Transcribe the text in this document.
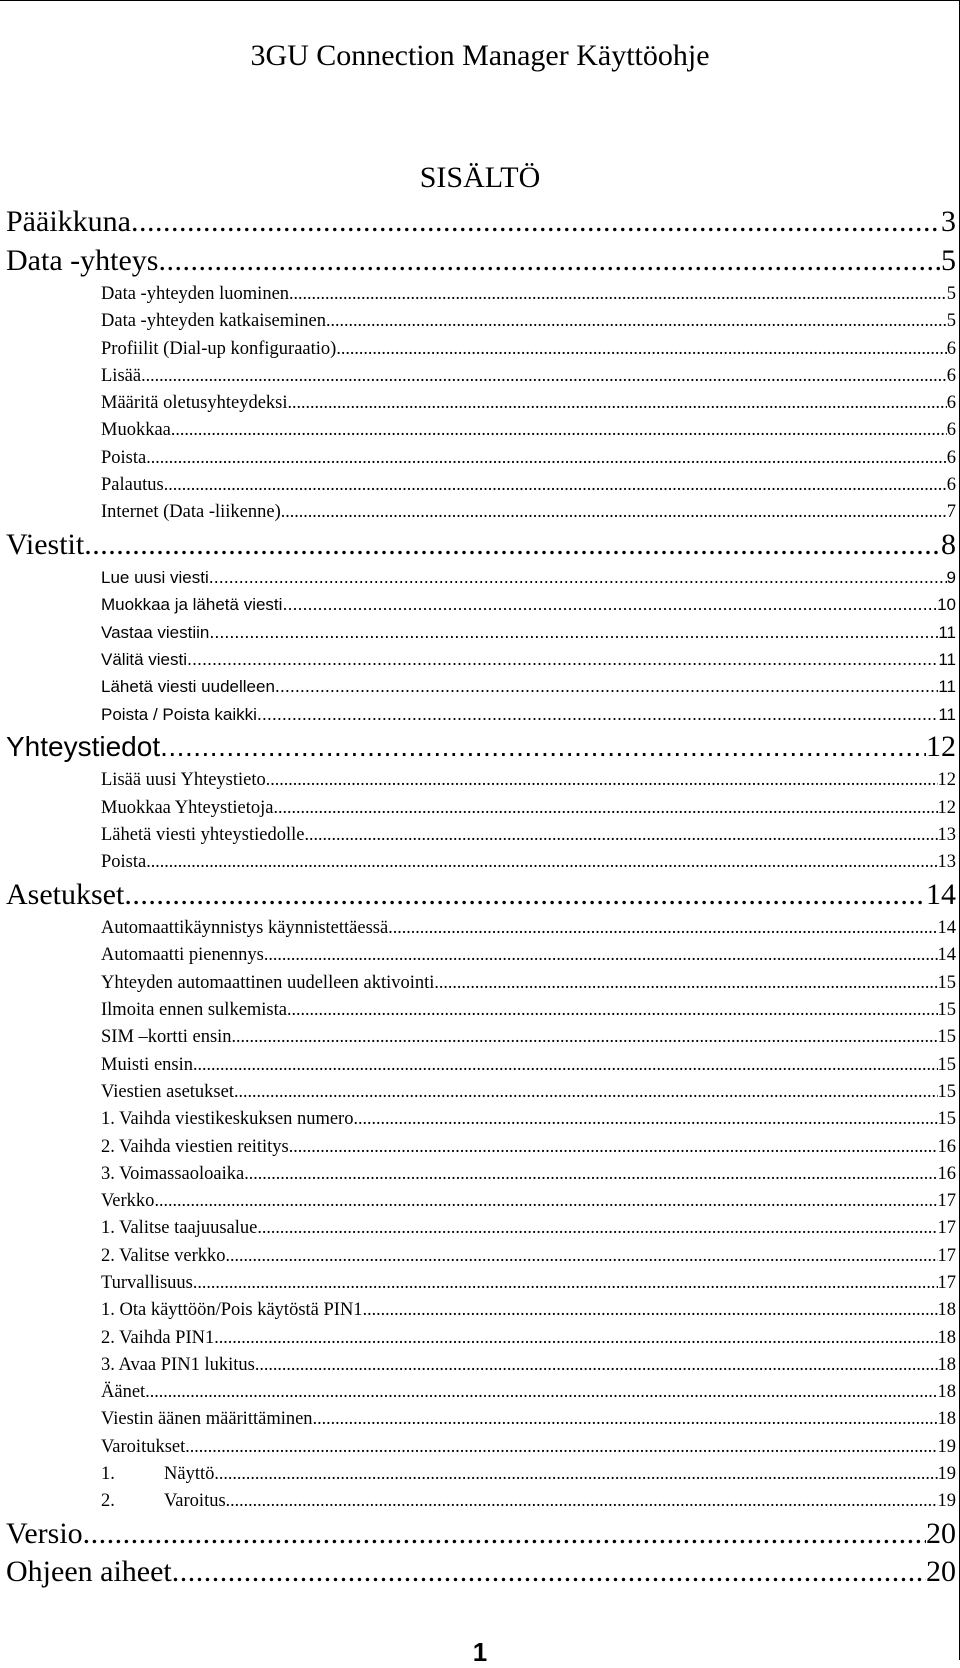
3GU Connection Manager Käyttöohje
SISÄLTÖ
Pääikkuna .....	3
Data -yhteys .....	5
Data -yhteyden luominen .....	5
Data -yhteyden katkaiseminen .....	5
Profiilit (Dial-up konfiguraatio) .....	6
Lisää .....	6
Määritä oletusyhteydeksi .....	6
Muokkaa .....	6
Poista .....	6
Palautus .....	6
Internet (Data -liikenne) .....	7
Viestit .....	8
Lue uusi viesti .....	9
Muokkaa ja lähetä viesti .....	10
Vastaa viestiin .....	11
Välitä viesti .....	11
Lähetä viesti uudelleen .....	11
Poista / Poista kaikki .....	11
Yhteystiedot .....	12
Lisää uusi Yhteystieto .....	12
Muokkaa Yhteystietoja .....	12
Lähetä viesti yhteystiedolle .....	13
Poista .....	13
Asetukset .....	14
Automaattikäynnistys käynnistettäessä .....	14
Automaatti pienennys .....	14
Yhteyden automaattinen uudelleen aktivointi .....	15
Ilmoita ennen sulkemista .....	15
SIM –kortti ensin .....	15
Muisti ensin .....	15
Viestien asetukset .....	15
1. Vaihda viestikeskuksen numero .....	15
2. Vaihda viestien reititys .....	16
3. Voimassaoloaika .....	16
Verkko .....	17
1. Valitse taajuusalue .....	17
2. Valitse verkko .....	17
Turvallisuus .....	17
1. Ota käyttöön/Pois käytöstä PIN1 .....	18
2. Vaihda PIN1 .....	18
3. Avaa PIN1 lukitus .....	18
Äänet .....	18
Viestin äänen määrittäminen .....	18
Varoitukset .....	19
1.	Näyttö .....	19
2.	Varoitus .....	19
Versio .....	20
Ohjeen aiheet .....	20
1
